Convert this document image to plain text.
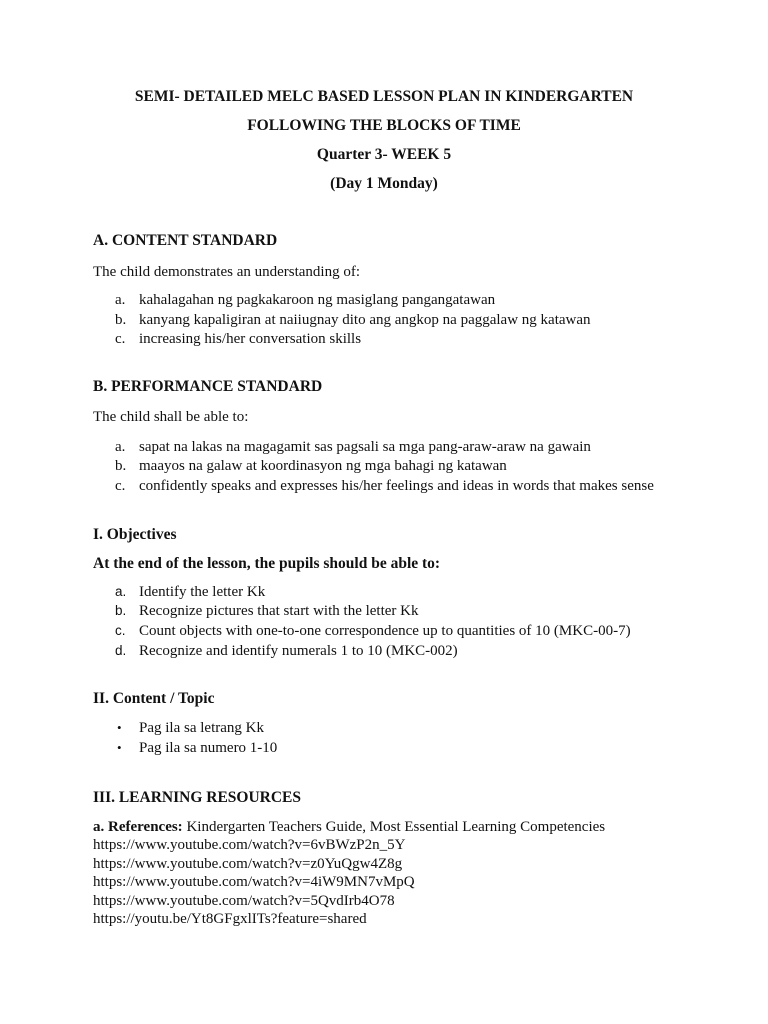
SEMI- DETAILED MELC BASED LESSON PLAN IN KINDERGARTEN
FOLLOWING THE BLOCKS OF TIME
Quarter 3- WEEK 5
(Day 1 Monday)
A. CONTENT STANDARD
The child demonstrates an understanding of:
a. kahalagahan ng pagkakaroon ng masiglang pangangatawan
b. kanyang kapaligiran at naiiugnay dito ang angkop na paggalaw ng katawan
c. increasing his/her conversation skills
B. PERFORMANCE STANDARD
The child shall be able to:
a. sapat na lakas na magagamit sas pagsali sa mga pang-araw-araw na gawain
b. maayos na galaw at koordinasyon ng mga bahagi ng katawan
c. confidently speaks and expresses his/her feelings and ideas in words that makes sense
I. Objectives
At the end of the lesson, the pupils should be able to:
a. Identify the letter Kk
b. Recognize pictures that start with the letter Kk
c. Count objects with one-to-one correspondence up to quantities of 10 (MKC-00-7)
d. Recognize and identify numerals 1 to 10 (MKC-002)
II. Content / Topic
• Pag ila sa letrang Kk
• Pag ila sa numero 1-10
III. LEARNING RESOURCES
a. References: Kindergarten Teachers Guide, Most Essential Learning Competencies
https://www.youtube.com/watch?v=6vBWzP2n_5Y
https://www.youtube.com/watch?v=z0YuQgw4Z8g
https://www.youtube.com/watch?v=4iW9MN7vMpQ
https://www.youtube.com/watch?v=5QvdIrb4O78
https://youtu.be/Yt8GFgxlITs?feature=shared
